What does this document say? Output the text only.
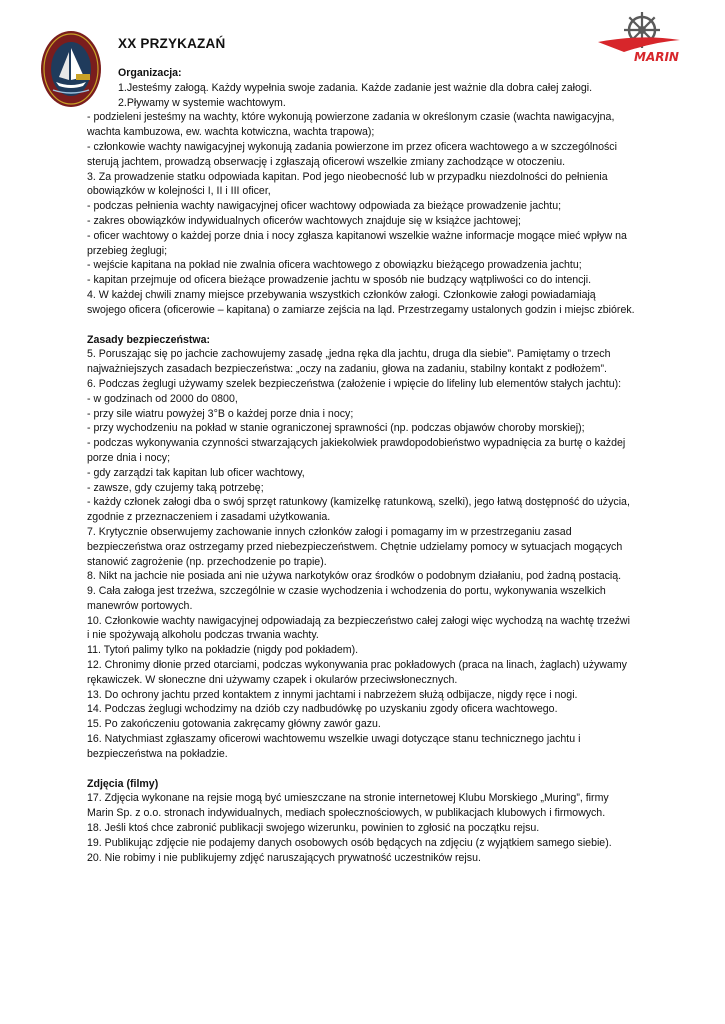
MARIN
XX PRZYKAZAŃ

Organizacja:

1.Jesteśmy załogą. Każdy wypełnia swoje zadania. Każde zadanie jest ważnie dla dobra całej załogi.

2.Pływamy w systemie wachtowym.

- podzieleni jesteśmy na wachty, które wykonują powierzone zadania w określonym czasie (wachta nawigacyjna, wachta kambuzowa, ew. wachta kotwiczna, wachta trapowa);

- członkowie wachty nawigacyjnej wykonują zadania powierzone im przez oficera wachtowego a w szczególności sterują jachtem, prowadzą obserwację i zgłaszają oficerowi wszelkie zmiany zachodzące w otoczeniu.

3. Za prowadzenie statku odpowiada kapitan. Pod jego nieobecność lub w przypadku niezdolności do pełnienia obowiązków w kolejności I, II i III oficer,

- podczas pełnienia wachty nawigacyjnej oficer wachtowy odpowiada za bieżące prowadzenie jachtu;

- zakres obowiązków indywidualnych oficerów wachtowych znajduje się w książce jachtowej;

- oficer wachtowy o każdej porze dnia i nocy zgłasza kapitanowi wszelkie ważne informacje mogące mieć wpływ na przebieg żeglugi;

- wejście kapitana na pokład nie zwalnia oficera wachtowego z obowiązku bieżącego prowadzenia jachtu;

- kapitan przejmuje od oficera bieżące prowadzenie jachtu w sposób nie budzący wątpliwości co do intencji.

4. W każdej chwili znamy miejsce przebywania wszystkich członków załogi. Członkowie załogi powiadamiają swojego oficera (oficerowie – kapitana) o zamiarze zejścia na ląd. Przestrzegamy ustalonych godzin i miejsc zbiórek.

Zasady bezpieczeństwa:

5. Poruszając się po jachcie zachowujemy zasadę „jedna ręka dla jachtu, druga dla siebie”. Pamiętamy o trzech najważniejszych zasadach bezpieczeństwa: „oczy na zadaniu, głowa na zadaniu, stabilny kontakt z podłożem”.

6. Podczas żeglugi używamy szelek bezpieczeństwa (założenie i wpięcie do lifeliny lub elementów stałych jachtu):

- w godzinach od 2000 do 0800,

- przy sile wiatru powyżej 3°B o każdej porze dnia i nocy;

- przy wychodzeniu na pokład w stanie ograniczonej sprawności (np. podczas objawów choroby morskiej);

- podczas wykonywania czynności stwarzających jakiekolwiek prawdopodobieństwo wypadnięcia za burtę o każdej porze dnia i nocy;

- gdy zarządzi tak kapitan lub oficer wachtowy,

- zawsze, gdy czujemy taką potrzebę;

- każdy członek załogi dba o swój sprzęt ratunkowy (kamizelkę ratunkową, szelki), jego łatwą dostępność do użycia, zgodnie z przeznaczeniem i zasadami użytkowania.

7. Krytycznie obserwujemy zachowanie innych członków załogi i pomagamy im w przestrzeganiu zasad bezpieczeństwa oraz ostrzegamy przed niebezpieczeństwem. Chętnie udzielamy pomocy w sytuacjach mogących stanowić zagrożenie (np. przechodzenie po trapie).

8. Nikt na jachcie nie posiada ani nie używa narkotyków oraz środków o podobnym działaniu, pod żadną postacią.

9. Cała załoga jest trzeźwa, szczególnie w czasie wychodzenia i wchodzenia do portu, wykonywania wszelkich manewrów portowych.

10. Członkowie wachty nawigacyjnej odpowiadają za bezpieczeństwo całej załogi więc wychodzą na wachtę trzeźwi i nie spożywają alkoholu podczas trwania wachty.

11. Tytoń palimy tylko na pokładzie (nigdy pod pokładem).

12. Chronimy dłonie przed otarciami, podczas wykonywania prac pokładowych (praca na linach, żaglach) używamy rękawiczek. W słoneczne dni używamy czapek i okularów przeciwsłonecznych.

13. Do ochrony jachtu przed kontaktem z innymi jachtami i nabrzeżem służą odbijacze, nigdy ręce i nogi.

14. Podczas żeglugi wchodzimy na dziób czy nadbudówkę po uzyskaniu zgody oficera wachtowego.

15. Po zakończeniu gotowania zakręcamy główny zawór gazu.

16. Natychmiast zgłaszamy oficerowi wachtowemu wszelkie uwagi dotyczące stanu technicznego jachtu i bezpieczeństwa na pokładzie.

Zdjęcia (filmy)

17. Zdjęcia wykonane na rejsie mogą być umieszczane na stronie internetowej Klubu Morskiego „Muring”, firmy Marin Sp. z o.o. stronach indywidualnych, mediach społecznościowych, w publikacjach klubowych i firmowych.

18. Jeśli ktoś chce zabronić publikacji swojego wizerunku, powinien to zgłosić na początku rejsu.

19. Publikując zdjęcie nie podajemy danych osobowych osób będących na zdjęciu (z wyjątkiem samego siebie).

20. Nie robimy i nie publikujemy zdjęć naruszających prywatność uczestników rejsu.
